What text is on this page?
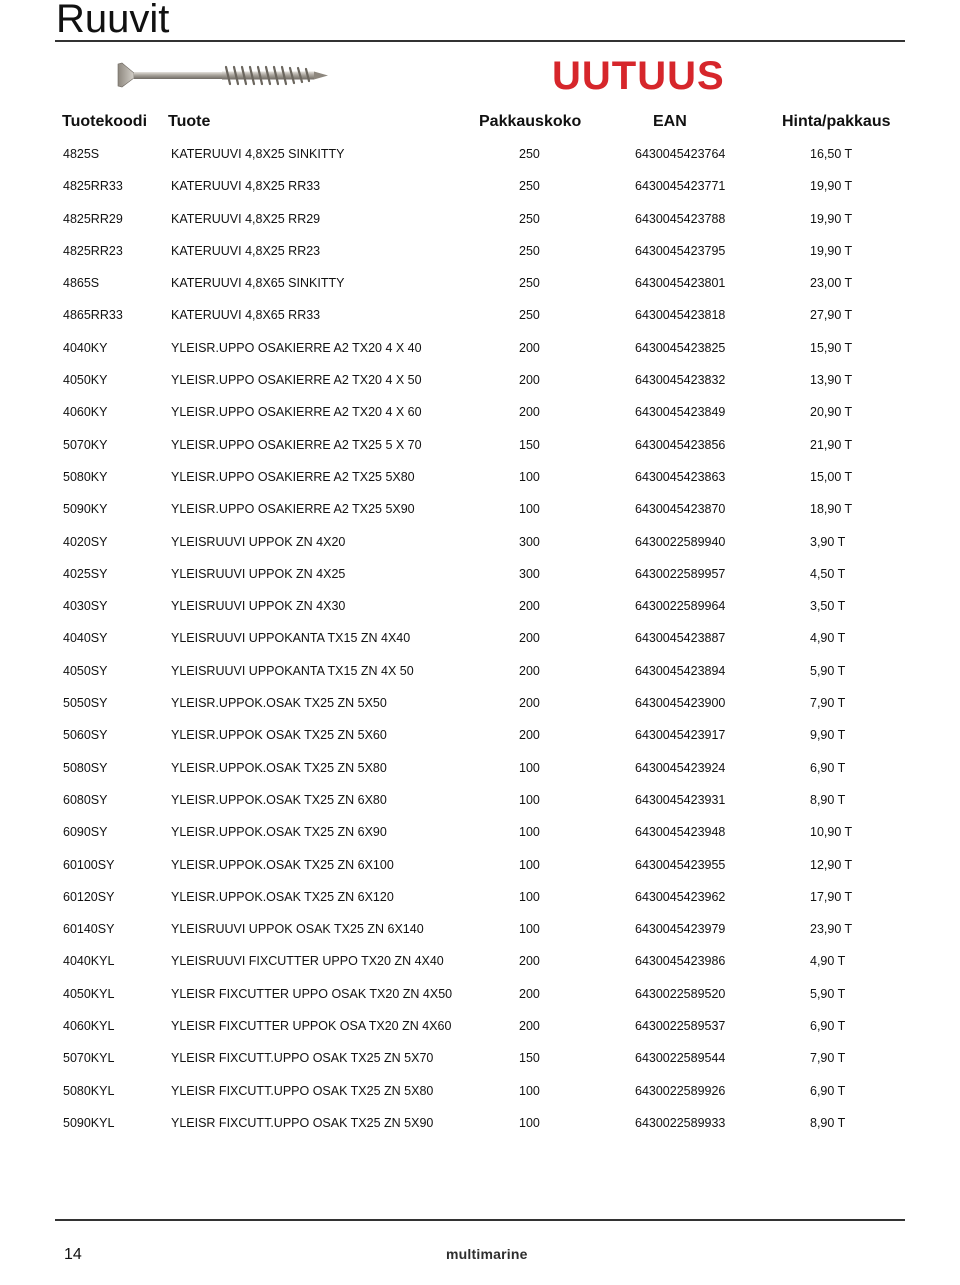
Ruuvit
UUTUUS
Tuotekoodi Tuote	Pakkauskoko	EAN	Hinta/pakkaus
4825S	KATERUUVI 4,8X25 SINKITTY	250	6430045423764	16,50 T
4825RR33	KATERUUVI 4,8X25 RR33	250	6430045423771	19,90 T
4825RR29	KATERUUVI 4,8X25 RR29	250	6430045423788	19,90 T
4825RR23	KATERUUVI 4,8X25 RR23	250	6430045423795	19,90 T
4865S	KATERUUVI 4,8X65 SINKITTY	250	6430045423801	23,00 T
4865RR33	KATERUUVI 4,8X65 RR33	250	6430045423818	27,90 T
4040KY	YLEISR.UPPO OSAKIERRE A2 TX20 4 X 40	200	6430045423825	15,90 T
4050KY	YLEISR.UPPO OSAKIERRE A2 TX20 4 X 50	200	6430045423832	13,90 T
4060KY	YLEISR.UPPO OSAKIERRE A2 TX20 4 X 60	200	6430045423849	20,90 T
5070KY	YLEISR.UPPO OSAKIERRE A2 TX25 5 X 70	150	6430045423856	21,90 T
5080KY	YLEISR.UPPO OSAKIERRE A2 TX25 5X80	100	6430045423863	15,00 T
5090KY	YLEISR.UPPO OSAKIERRE A2 TX25 5X90	100	6430045423870	18,90 T
4020SY	YLEISRUUVI UPPOK ZN 4X20	300	6430022589940	3,90 T
4025SY	YLEISRUUVI UPPOK ZN 4X25	300	6430022589957	4,50 T
4030SY	YLEISRUUVI UPPOK ZN 4X30	200	6430022589964	3,50 T
4040SY	YLEISRUUVI UPPOKANTA TX15 ZN 4X40	200	6430045423887	4,90 T
4050SY	YLEISRUUVI UPPOKANTA TX15 ZN 4X 50	200	6430045423894	5,90 T
5050SY	YLEISR.UPPOK.OSAK TX25 ZN 5X50	200	6430045423900	7,90 T
5060SY	YLEISR.UPPOK OSAK TX25 ZN 5X60	200	6430045423917	9,90 T
5080SY	YLEISR.UPPOK.OSAK TX25 ZN 5X80	100	6430045423924	6,90 T
6080SY	YLEISR.UPPOK.OSAK TX25 ZN 6X80	100	6430045423931	8,90 T
6090SY	YLEISR.UPPOK.OSAK TX25 ZN 6X90	100	6430045423948	10,90 T
60100SY	YLEISR.UPPOK.OSAK TX25 ZN 6X100	100	6430045423955	12,90 T
60120SY	YLEISR.UPPOK.OSAK TX25 ZN 6X120	100	6430045423962	17,90 T
60140SY	YLEISRUUVI UPPOK OSAK TX25 ZN 6X140	100	6430045423979	23,90 T
4040KYL	YLEISRUUVI FIXCUTTER UPPO TX20 ZN 4X40	200	6430045423986	4,90 T
4050KYL	YLEISR FIXCUTTER UPPO OSAK TX20 ZN 4X50	200	6430022589520	5,90 T
4060KYL	YLEISR FIXCUTTER UPPOK OSA TX20 ZN 4X60	200	6430022589537	6,90 T
5070KYL	YLEISR FIXCUTT.UPPO OSAK TX25 ZN 5X70	150	6430022589544	7,90 T
5080KYL	YLEISR FIXCUTT.UPPO OSAK TX25 ZN 5X80	100	6430022589926	6,90 T
5090KYL	YLEISR FIXCUTT.UPPO OSAK TX25 ZN 5X90	100	6430022589933	8,90 T
14	multimarine
